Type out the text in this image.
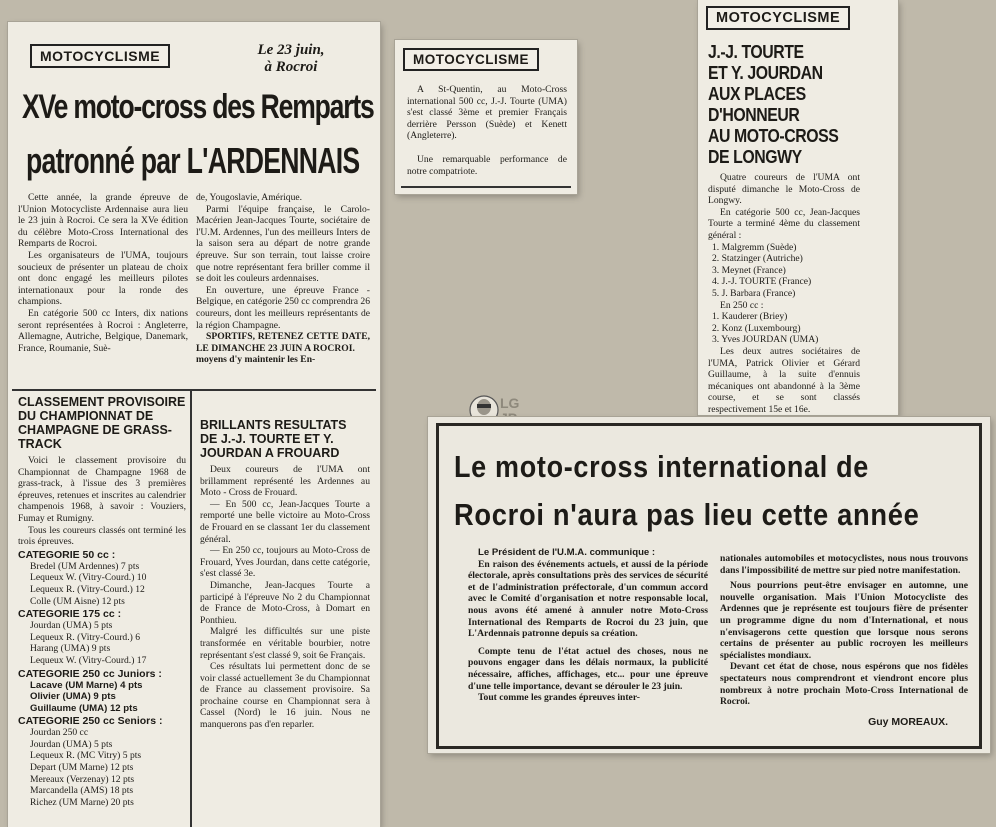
MOTOCYCLISME	Le 23 juin,
à Rocroi
XVe moto-cross des Remparts
patronné par L'ARDENNAIS

Cette année, la grande épreuve de l'Union Motocycliste Ardennaise aura lieu le 23 juin à Rocroi. Ce sera la XVe édition du célèbre Moto-Cross International des Remparts de Rocroi.

Les organisateurs de l'UMA, toujours soucieux de présenter un plateau de choix ont donc engagé les meilleurs pilotes internationaux pour la ronde des champions.

En catégorie 500 cc Inters, dix nations seront représentées à Rocroi : Angleterre, Allemagne, Autriche, Belgique, Danemark, France, Roumanie, Suè-

de, Yougoslavie, Amérique.

Parmi l'équipe française, le Carolo-Macérien Jean-Jacques Tourte, sociétaire de l'U.M. Ardennes, l'un des meilleurs Inters de la saison sera au départ de notre grande épreuve. Sur son terrain, tout laisse croire que notre représentant fera briller comme il se doit les couleurs ardennaises.

En ouverture, une épreuve France - Belgique, en catégorie 250 cc comprendra 26 coureurs, dont les meilleurs représentants de la région Champagne.

SPORTIFS, RETENEZ CETTE DATE, LE DIMANCHE 23 JUIN A ROCROI.

moyens d'y maintenir les En-

CLASSEMENT PROVISOIRE DU CHAMPIONNAT DE CHAMPAGNE DE GRASS-TRACK

Voici le classement provisoire du Championnat de Champagne 1968 de grass-track, à l'issue des 3 premières épreuves, retenues et inscrites au calendrier champenois 1968, à savoir : Vouziers, Fumay et Rumigny.

Tous les coureurs classés ont terminé les trois épreuves.

CATEGORIE 50 cc :
Bredel (UM Ardennes) 7 pts
Lequeux W. (Vitry-Courd.) 10
Lequeux R. (Vitry-Courd.) 12
Colle (UM Aisne) 12 pts
CATEGORIE 175 cc :
Jourdan (UMA) 5 pts
Lequeux R. (Vitry-Courd.) 6
Harang (UMA) 9 pts
Lequeux W. (Vitry-Courd.) 17
CATEGORIE 250 cc Juniors :
Lacave (UM Marne) 4 pts
Olivier (UMA) 9 pts
Guillaume (UMA) 12 pts
CATEGORIE 250 cc Seniors :
Jourdan 250 cc
Jourdan (UMA) 5 pts
Lequeux R. (MC Vitry) 5 pts
Depart (UM Marne) 12 pts
Mereaux (Verzenay) 12 pts
Marcandella (AMS) 18 pts
Richez (UM Marne) 20 pts
BRILLANTS RESULTATS DE J.-J. TOURTE ET Y. JOURDAN A FROUARD

Deux coureurs de l'UMA ont brillamment représenté les Ardennes au Moto - Cross de Frouard.

— En 500 cc, Jean-Jacques Tourte a remporté une belle victoire au Moto-Cross de Frouard en se classant 1er du classement général.

— En 250 cc, toujours au Moto-Cross de Frouard, Yves Jourdan, dans cette catégorie, s'est classé 3e.

Dimanche, Jean-Jacques Tourte a participé à l'épreuve No 2 du Championnat de France de Moto-Cross, à Domart en Ponthieu.

Malgré les difficultés sur une piste transformée en véritable bourbier, notre représentant s'est classé 9, soit 6e Français.

Ces résultats lui permettent donc de se voir classé actuellement 3e du Championnat de France au classement provisoire. Sa prochaine course en Championnat sera à Cassel (Nord) le 16 juin. Nous ne manquerons pas d'en reparler.

MOTOCYCLISME

A St-Quentin, au Moto-Cross international 500 cc, J.-J. Tourte (UMA) s'est classé 3ème et premier Français derrière Persson (Suède) et Kenett (Angleterre).

Une remarquable performance de notre compatriote.

MOTOCYCLISME
J.-J. TOURTE
ET Y. JOURDAN
AUX PLACES
D'HONNEUR
AU MOTO-CROSS
DE LONGWY

Quatre coureurs de l'UMA ont disputé dimanche le Moto-Cross de Longwy.

En catégorie 500 cc, Jean-Jacques Tourte a terminé 4ème du classement général :

1. Malgremm (Suède)
2. Statzinger (Autriche)
3. Meynet (France)
4. J.-J. TOURTE (France)
5. J. Barbara (France)

En 250 cc :

1. Kauderer (Briey)
2. Konz (Luxembourg)
3. Yves JOURDAN (UMA)

Les deux autres sociétaires de l'UMA, Patrick Olivier et Gérard Guillaume, à la suite d'ennuis mécaniques ont abandonné à la 3ème course, et se sont classés respectivement 15e et 16e.

LG
Le moto-cross international de
Rocroi n'aura pas lieu cette année

Le Président de l'U.M.A. communique :

En raison des événements actuels, et aussi de la période électorale, après consultations près des services de sécurité et de l'administration préfectorale, d'un commun accord avec le Comité d'organisation et notre responsable local, nous avons été amené à annuler notre Moto-Cross International des Remparts de Rocroi du 23 juin, que L'Ardennais patronne depuis sa création.

Compte tenu de l'état actuel des choses, nous ne pouvons engager dans les délais normaux, la publicité nécessaire, affiches, affichages, etc... pour une épreuve d'une telle importance, devant se dérouler le 23 juin.

Tout comme les grandes épreuves inter-

nationales automobiles et motocyclistes, nous nous trouvons dans l'impossibilité de mettre sur pied notre manifestation.

Nous pourrions peut-être envisager en automne, une nouvelle organisation. Mais l'Union Motocycliste des Ardennes que je représente est toujours fière de présenter un programme digne du nom d'International, et nous n'envisagerons cette question que lorsque nous serons certains de présenter au public rocroyen les meilleurs spécialistes mondiaux.

Devant cet état de chose, nous espérons que nos fidèles spectateurs nous comprendront et viendront encore plus nombreux à notre prochain Moto-Cross International de Rocroi.

Guy MOREAUX.
